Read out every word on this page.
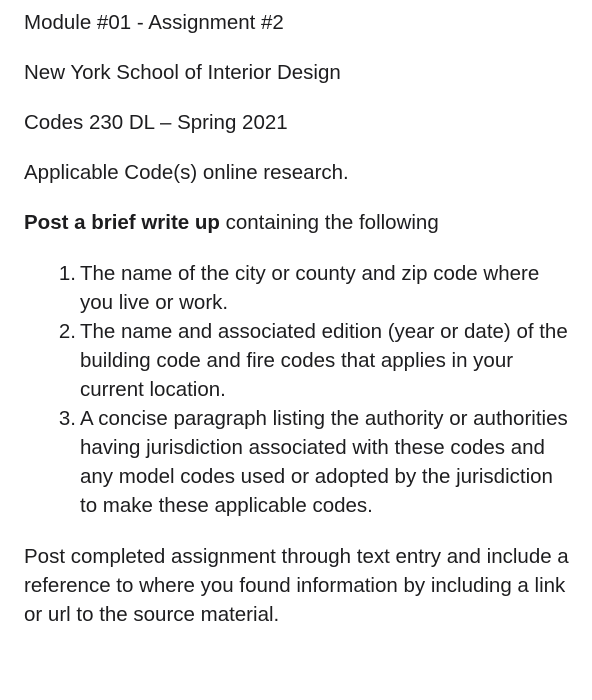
Module #01 - Assignment #2

New York School of Interior Design

Codes 230 DL – Spring 2021

Applicable Code(s) online research.

Post a brief write up containing the following

1. The name of the city or county and zip code where you live or work.
2. The name and associated edition (year or date) of the building code and fire codes that applies in your current location.
3. A concise paragraph listing the authority or authorities having jurisdiction associated with these codes and any model codes used or adopted by the jurisdiction to make these applicable codes.

Post completed assignment through text entry and include a reference to where you found information by including a link or url to the source material.
